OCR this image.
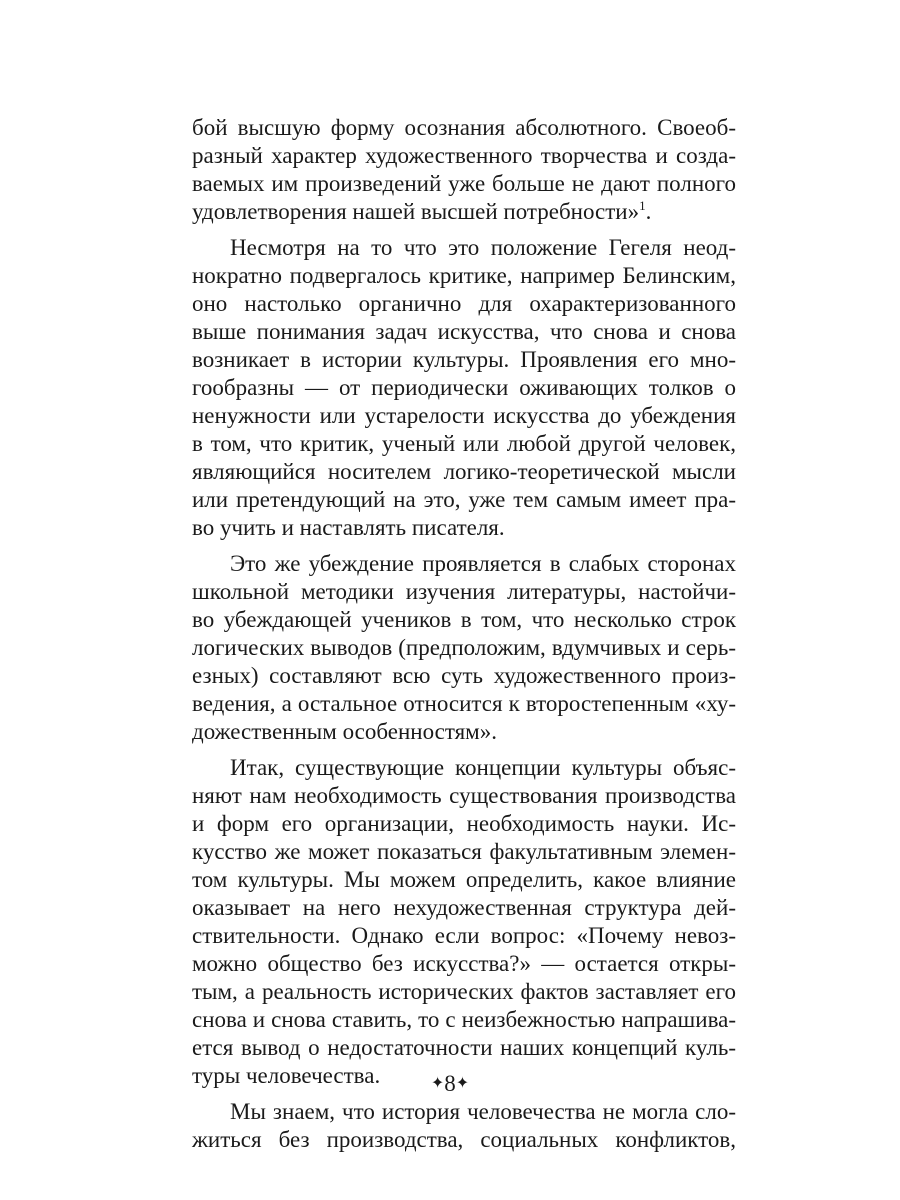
бой высшую форму осознания абсолютного. Своеоб-
разный характер художественного творчества и созда-
ваемых им произведений уже больше не дают полного
удовлетворения нашей высшей потребности»$^1$.
Несмотря на то что это положение Гегеля неод-
нократно подвергалось критике, например Белинским,
оно настолько органично для охарактеризованного
выше понимания задач искусства, что снова и снова
возникает в истории культуры. Проявления его мно-
гообразны — от периодически оживающих толков о
ненужности или устарелости искусства до убеждения
в том, что критик, ученый или любой другой человек,
являющийся носителем логико-теоретической мысли
или претендующий на это, уже тем самым имеет пра-
во учить и наставлять писателя.
Это же убеждение проявляется в слабых сторонах
школьной методики изучения литературы, настойчи-
во убеждающей учеников в том, что несколько строк
логических выводов (предположим, вдумчивых и серь-
езных) составляют всю суть художественного произ-
ведения, а остальное относится к второстепенным «ху-
дожественным особенностям».
Итак, существующие концепции культуры объяс-
няют нам необходимость существования производства
и форм его организации, необходимость науки. Ис-
кусство же может показаться факультативным элемен-
том культуры. Мы можем определить, какое влияние
оказывает на него нехудожественная структура дей-
ствительности. Однако если вопрос: «Почему невоз-
можно общество без искусства?» — остается откры-
тым, а реальность исторических фактов заставляет его
снова и снова ставить, то с неизбежностью напрашива-
ется вывод о недостаточности наших концепций куль-
туры человечества.
Мы знаем, что история человечества не могла сло-
житься без производства, социальных конфликтов,
✦8✦
